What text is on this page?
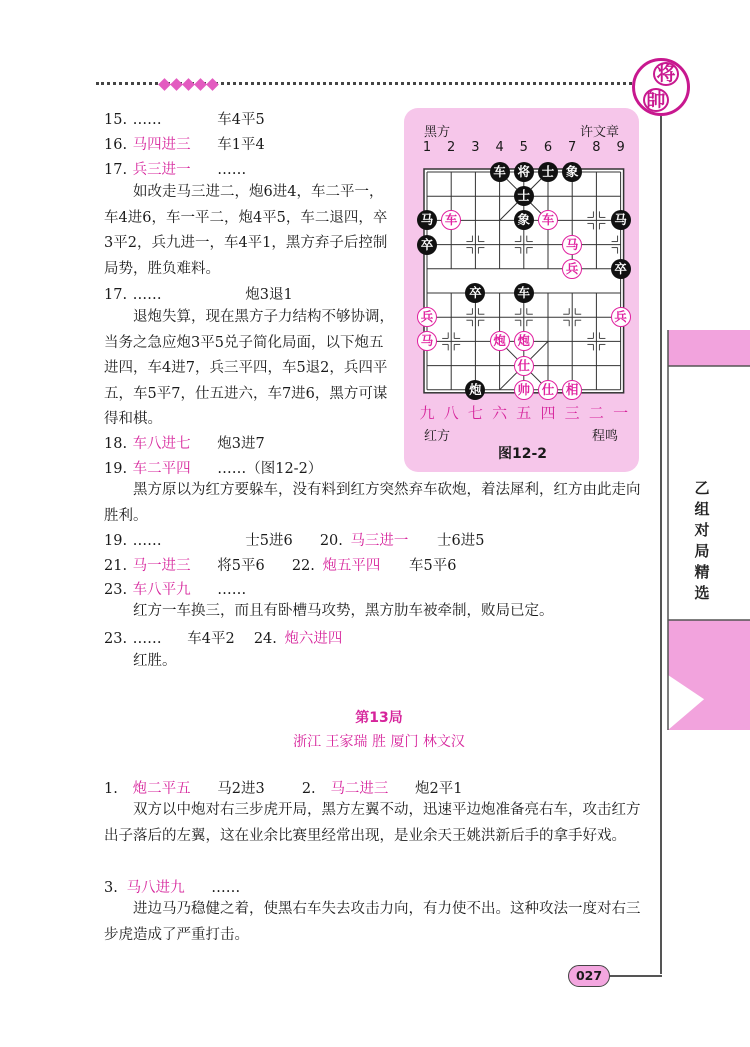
将
帥
乙
组
对
局
精
选
15. ……	车4平5
16. 马四进三 车1平4
17. 兵三进一 ……
如改走马三进二，炮6进4，车二平一，车4进6，车一平二，炮4平5，车二退四，卒3平2，兵九进一，车4平1，黑方弃子后控制局势，胜负难料。
17. ……	炮3退1
退炮失算，现在黑方子力结构不够协调，当务之急应炮3平5兑子简化局面，以下炮五进四，车4进7，兵三平四，车5退2，兵四平五，车5平7，仕五进六，车7进6，黑方可谋得和棋。
18. 车八进七 炮3进7
19. 车二平四 ……（图12-2）
黑方原以为红方要躲车，没有料到红方突然弃车砍炮，着法犀利，红方由此走向胜利。
19. ……	士5进6 20. 马三进一 士6进5
21. 马一进三 将5平6 22. 炮五平四 车5平6
23. 车八平九 ……
红方一车换三，而且有卧槽马攻势，黑方肋车被牵制，败局已定。
23. …… 车4平2 24. 炮六进四
红胜。
第13局
浙江 王家瑞 胜 厦门 林文汉
1. 炮二平五 马2进3	2. 马二进三 炮2平1
双方以中炮对右三步虎开局，黑方左翼不动，迅速平边炮准备亮右车，攻击红方出子落后的左翼，这在业余比赛里经常出现，是业余天王姚洪新后手的拿手好戏。
3. 马八进九 ……
进边马乃稳健之着，使黑右车失去攻击力向，有力使不出。这种攻法一度对右三步虎造成了严重打击。
黑方	许文章
1 2 3 4 5 6 7 8 9
车 将 士 象
士
马 车	象 车	马
卒	马
兵	卒
卒	车
兵	兵
马	炮 炮
仕
炮	帅 仕 相
九 八 七 六 五 四 三 二 一
红方	程鸣
图12-2
027
